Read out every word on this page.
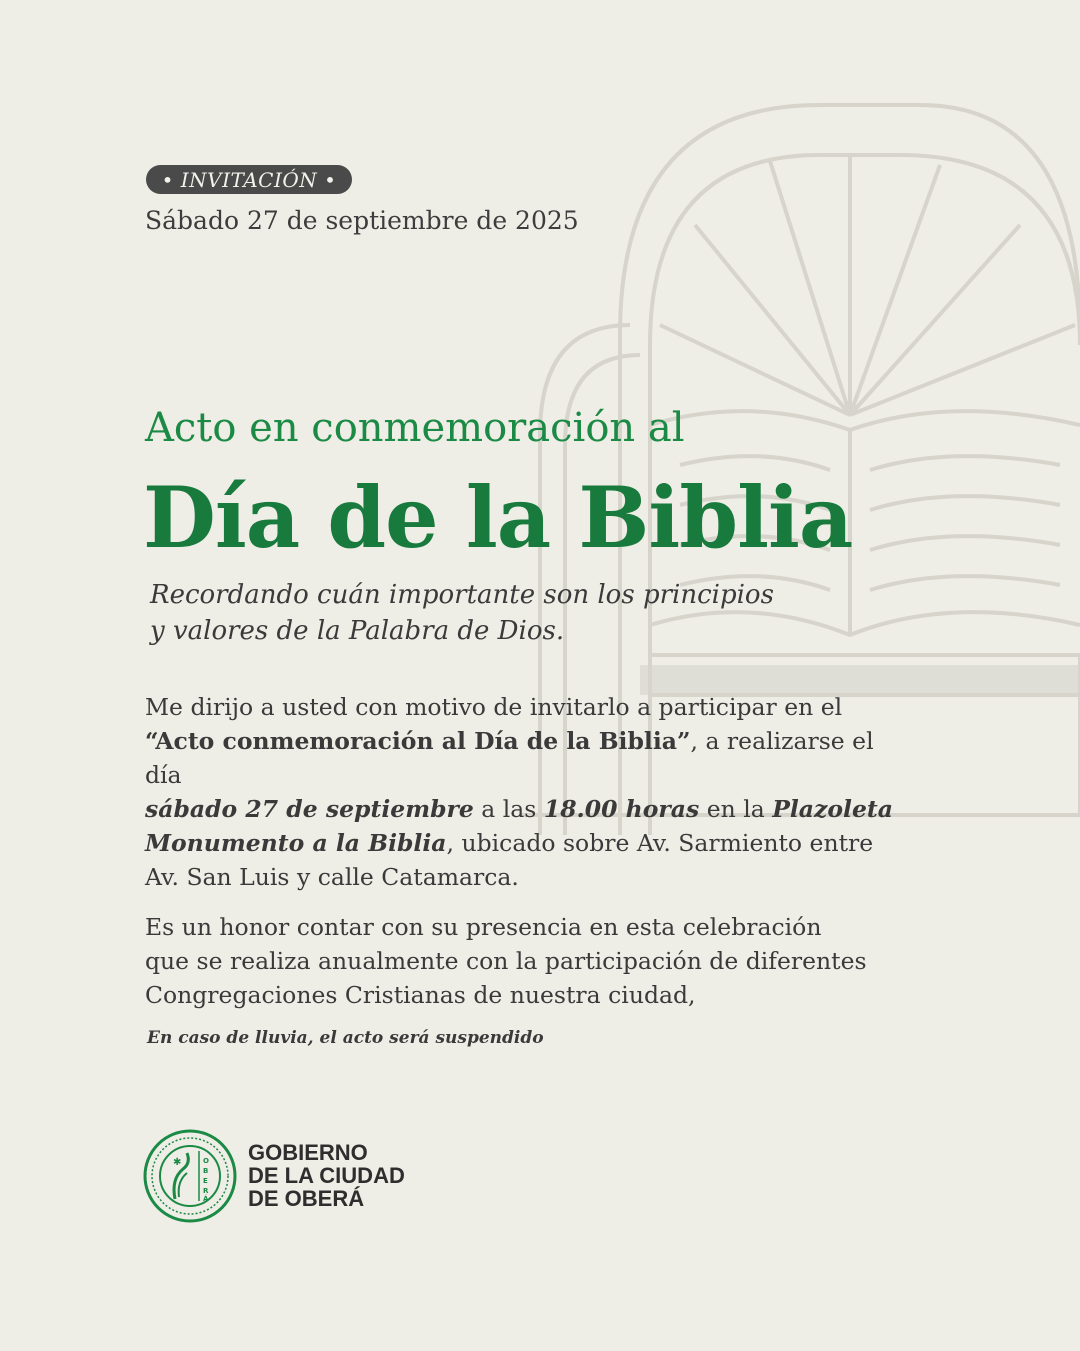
• INVITACIÓN •
Sábado 27 de septiembre de 2025
Acto en conmemoración al
Día de la Biblia
Recordando cuán importante son los principios
y valores de la Palabra de Dios.

Me dirijo a usted con motivo de invitarlo a participar en el
“Acto conmemoración al Día de la Biblia”, a realizarse el día
sábado 27 de septiembre a las 18.00 horas en la Plazoleta
Monumento a la Biblia, ubicado sobre Av. Sarmiento entre
Av. San Luis y calle Catamarca.

Es un honor contar con su presencia en esta celebración
que se realiza anualmente con la participación de diferentes
Congregaciones Cristianas de nuestra ciudad,

En caso de lluvia, el acto será suspendido
✱	O
B
E
R
Á
GOBIERNO
DE LA CIUDAD
DE OBERÁ
